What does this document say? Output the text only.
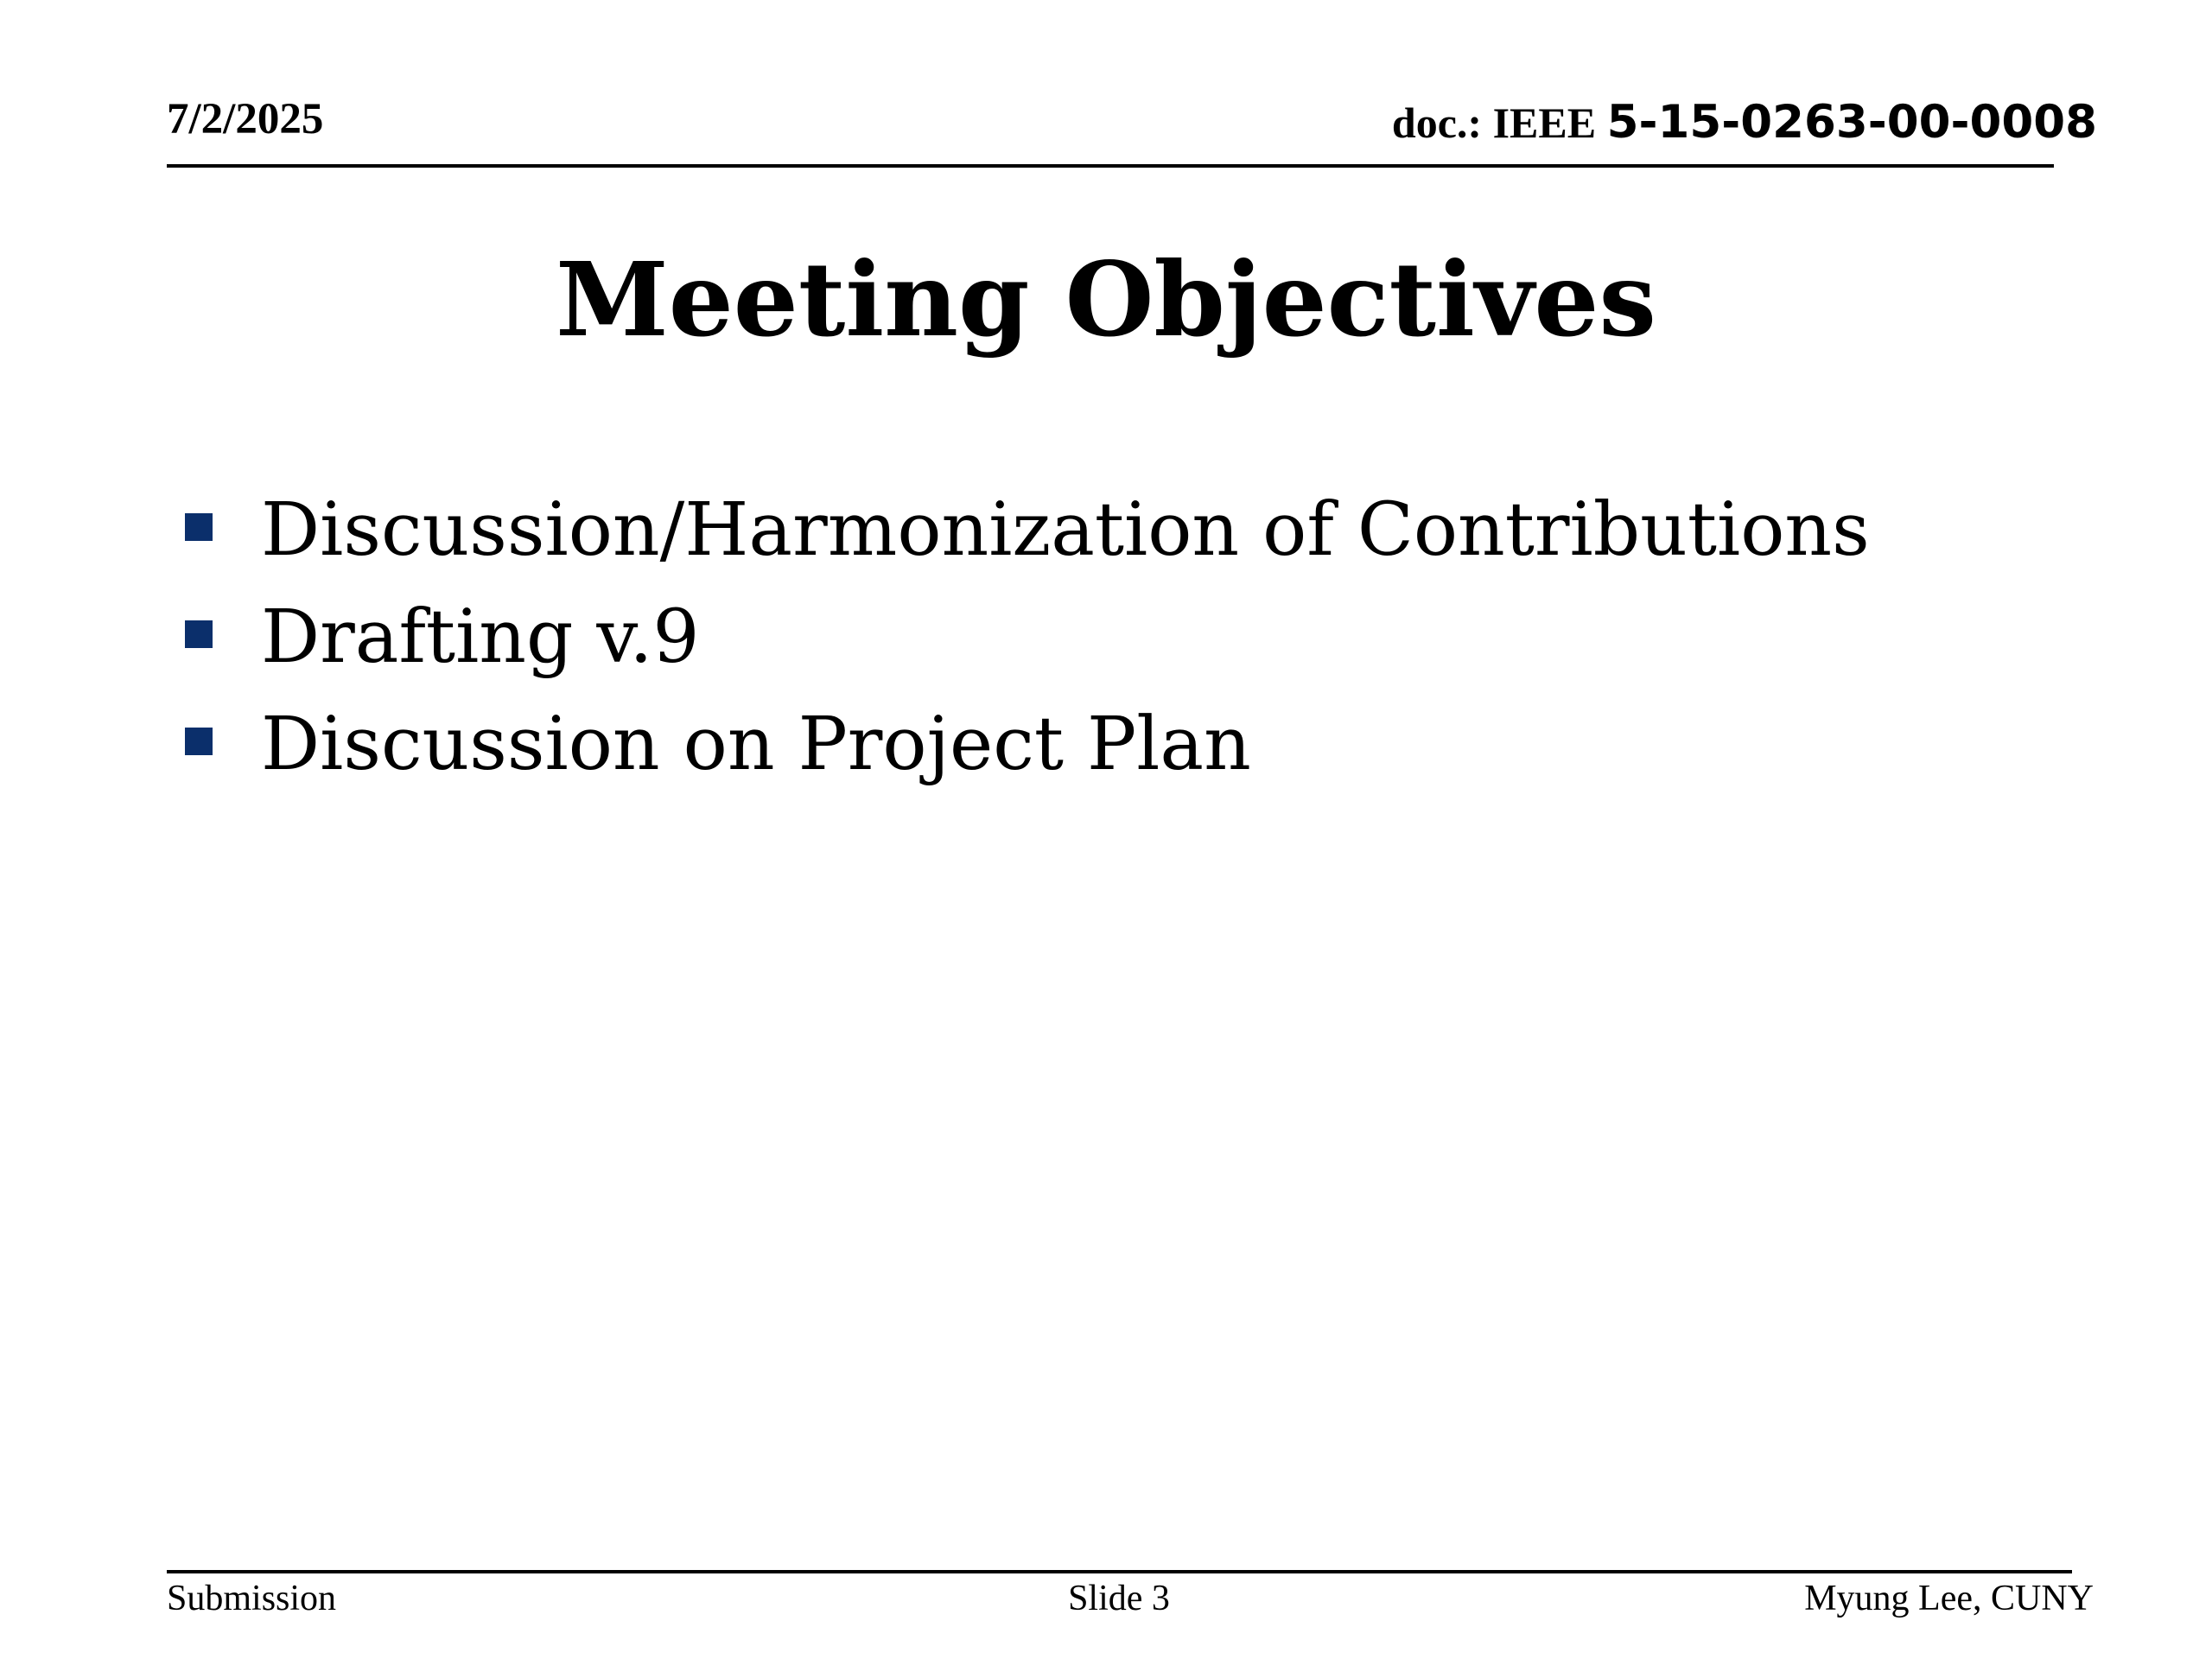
7/2/2025	doc.: IEEE 5-15-0263-00-0008
Meeting Objectives
Discussion/Harmonization of Contributions
Drafting v.9
Discussion on Project Plan
Submission	Slide 3	Myung Lee, CUNY
